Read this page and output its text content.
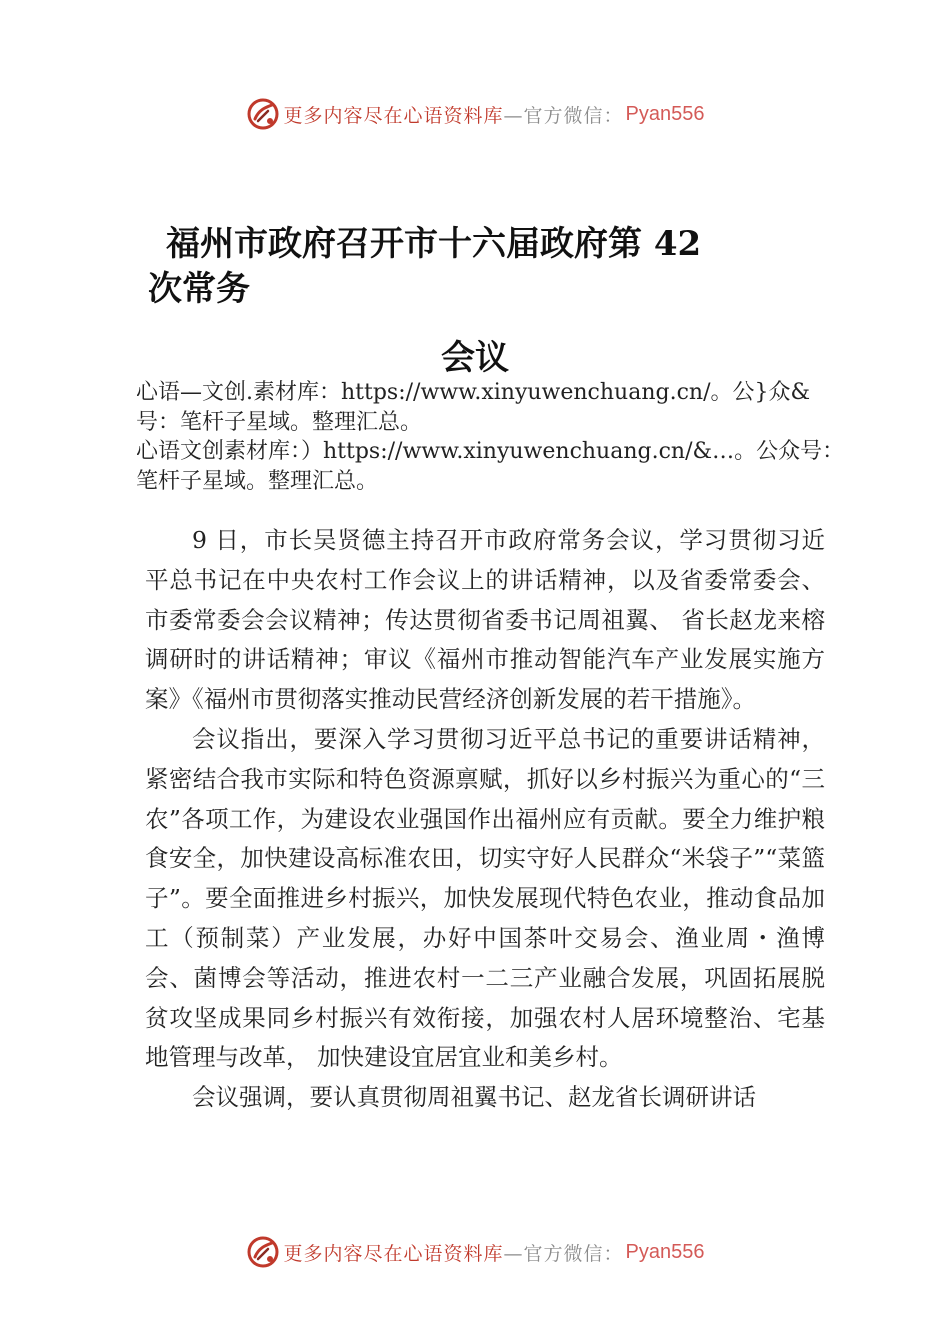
更多内容尽在心语资料库—官方微信： Pyan556
福州市政府召开市十六届政府第 42
次常务
会议

心语—文创.素材库：https://www.xinyuwenchuang.cn/。公}众&号：笔杆子星域。整理汇总。

心语文创素材库：）https://www.xinyuwenchuang.cn/&…。公众号：笔杆子星域。整理汇总。

9 日，市长吴贤德主持召开市政府常务会议，学习贯彻习近平总书记在中央农村工作会议上的讲话精神，以及省委常委会、市委常委会会议精神；传达贯彻省委书记周祖翼、 省长赵龙来榕调研时的讲话精神；审议《福州市推动智能汽车产业发展实施方案》《福州市贯彻落实推动民营经济创新发展的若干措施》。

会议指出，要深入学习贯彻习近平总书记的重要讲话精神，紧密结合我市实际和特色资源禀赋，抓好以乡村振兴为重心的“三农”各项工作，为建设农业强国作出福州应有贡献。要全力维护粮食安全，加快建设高标准农田，切实守好人民群众“米袋子”“菜篮子”。要全面推进乡村振兴，加快发展现代特色农业，推动食品加工（预制菜）产业发展，办好中国茶叶交易会、渔业周・渔博会、菌博会等活动，推进农村一二三产业融合发展，巩固拓展脱贫攻坚成果同乡村振兴有效衔接，加强农村人居环境整治、宅基地管理与改革， 加快建设宜居宜业和美乡村。

会议强调，要认真贯彻周祖翼书记、赵龙省长调研讲话

更多内容尽在心语资料库—官方微信： Pyan556
